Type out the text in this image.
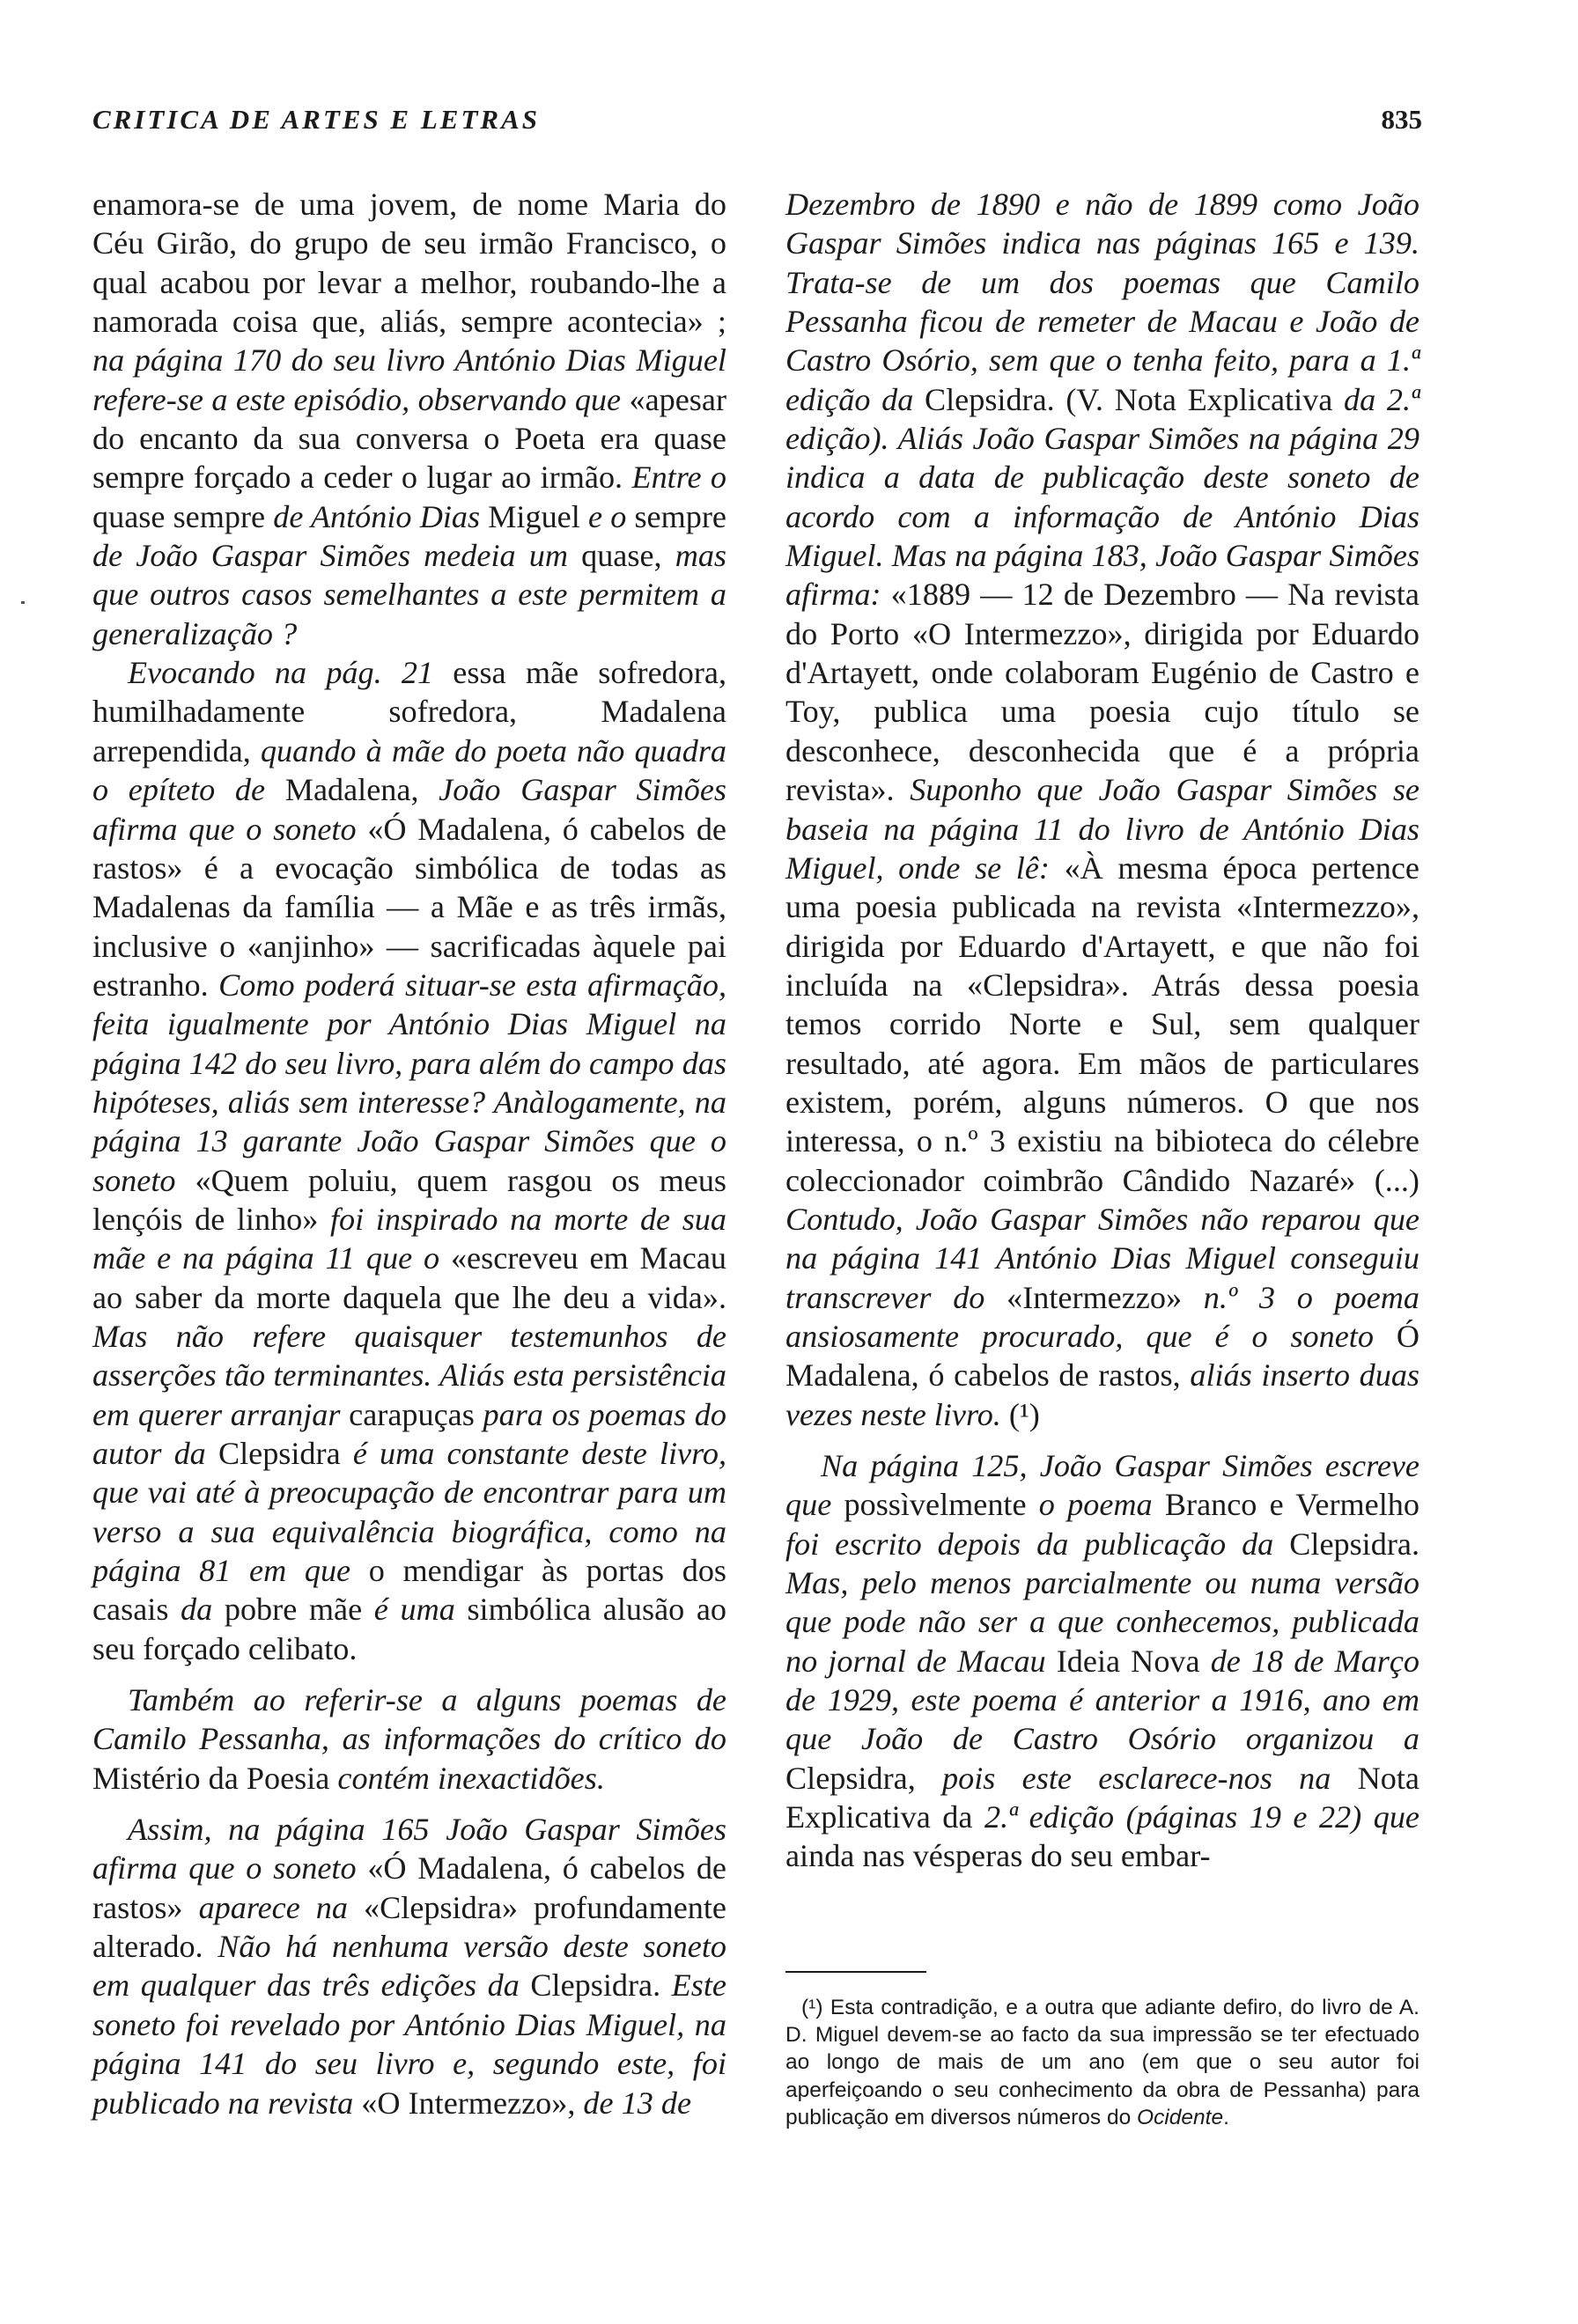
CRITICA DE ARTES E LETRAS	835

enamora-se de uma jovem, de nome Maria do Céu Girão, do grupo de seu irmão Francisco, o qual acabou por levar a melhor, roubando-lhe a namorada coisa que, aliás, sempre acontecia» ; na página 170 do seu livro António Dias Miguel refere-se a este episódio, observando que «apesar do encanto da sua conversa o Poeta era quase sempre forçado a ceder o lugar ao irmão. Entre o quase sempre de António Dias Miguel e o sempre de João Gaspar Simões medeia um quase, mas que outros casos semelhantes a este permitem a generalização ?

Evocando na pág. 21 essa mãe sofredora, humilhadamente sofredora, Madalena arrependida, quando à mãe do poeta não quadra o epíteto de Madalena, João Gaspar Simões afirma que o soneto «Ó Madalena, ó cabelos de rastos» é a evocação simbólica de todas as Madalenas da família — a Mãe e as três irmãs, inclusive o «anjinho» — sacrificadas àquele pai estranho. Como poderá situar-se esta afirmação, feita igualmente por António Dias Miguel na página 142 do seu livro, para além do campo das hipóteses, aliás sem interesse? Anàlogamente, na página 13 garante João Gaspar Simões que o soneto «Quem poluiu, quem rasgou os meus lençóis de linho» foi inspirado na morte de sua mãe e na página 11 que o «escreveu em Macau ao saber da morte daquela que lhe deu a vida». Mas não refere quaisquer testemunhos de asserções tão terminantes. Aliás esta persistência em querer arranjar carapuças para os poemas do autor da Clepsidra é uma constante deste livro, que vai até à preocupação de encontrar para um verso a sua equivalência biográfica, como na página 81 em que o mendigar às portas dos casais da pobre mãe é uma simbólica alusão ao seu forçado celibato.

Também ao referir-se a alguns poemas de Camilo Pessanha, as informações do crítico do Mistério da Poesia contém inexactidões.

Assim, na página 165 João Gaspar Simões afirma que o soneto «Ó Madalena, ó cabelos de rastos» aparece na «Clepsidra» profundamente alterado. Não há nenhuma versão deste soneto em qualquer das três edições da Clepsidra. Este soneto foi revelado por António Dias Miguel, na página 141 do seu livro e, segundo este, foi publicado na revista «O Intermezzo», de 13 de

Dezembro de 1890 e não de 1899 como João Gaspar Simões indica nas páginas 165 e 139. Trata-se de um dos poemas que Camilo Pessanha ficou de remeter de Macau e João de Castro Osório, sem que o tenha feito, para a 1.ª edição da Clepsidra. (V. Nota Explicativa da 2.ª edição). Aliás João Gaspar Simões na página 29 indica a data de publicação deste soneto de acordo com a informação de António Dias Miguel. Mas na página 183, João Gaspar Simões afirma: «1889 — 12 de Dezembro — Na revista do Porto «O Intermezzo», dirigida por Eduardo d'Artayett, onde colaboram Eugénio de Castro e Toy, publica uma poesia cujo título se desconhece, desconhecida que é a própria revista». Suponho que João Gaspar Simões se baseia na página 11 do livro de António Dias Miguel, onde se lê: «À mesma época pertence uma poesia publicada na revista «Intermezzo», dirigida por Eduardo d'Artayett, e que não foi incluída na «Clepsidra». Atrás dessa poesia temos corrido Norte e Sul, sem qualquer resultado, até agora. Em mãos de particulares existem, porém, alguns números. O que nos interessa, o n.º 3 existiu na bibioteca do célebre coleccionador coimbrão Cândido Nazaré» (...) Contudo, João Gaspar Simões não reparou que na página 141 António Dias Miguel conseguiu transcrever do «Intermezzo» n.º 3 o poema ansiosamente procurado, que é o soneto Ó Madalena, ó cabelos de rastos, aliás inserto duas vezes neste livro. (¹)

Na página 125, João Gaspar Simões escreve que possìvelmente o poema Branco e Vermelho foi escrito depois da publicação da Clepsidra. Mas, pelo menos parcialmente ou numa versão que pode não ser a que conhecemos, publicada no jornal de Macau Ideia Nova de 18 de Março de 1929, este poema é anterior a 1916, ano em que João de Castro Osório organizou a Clepsidra, pois este esclarece-nos na Nota Explicativa da 2.ª edição (páginas 19 e 22) que ainda nas vésperas do seu embar-

(¹) Esta contradição, e a outra que adiante defiro, do livro de A. D. Miguel devem-se ao facto da sua impressão se ter efectuado ao longo de mais de um ano (em que o seu autor foi aperfeiçoando o seu conhecimento da obra de Pessanha) para publicação em diversos números do Ocidente.
